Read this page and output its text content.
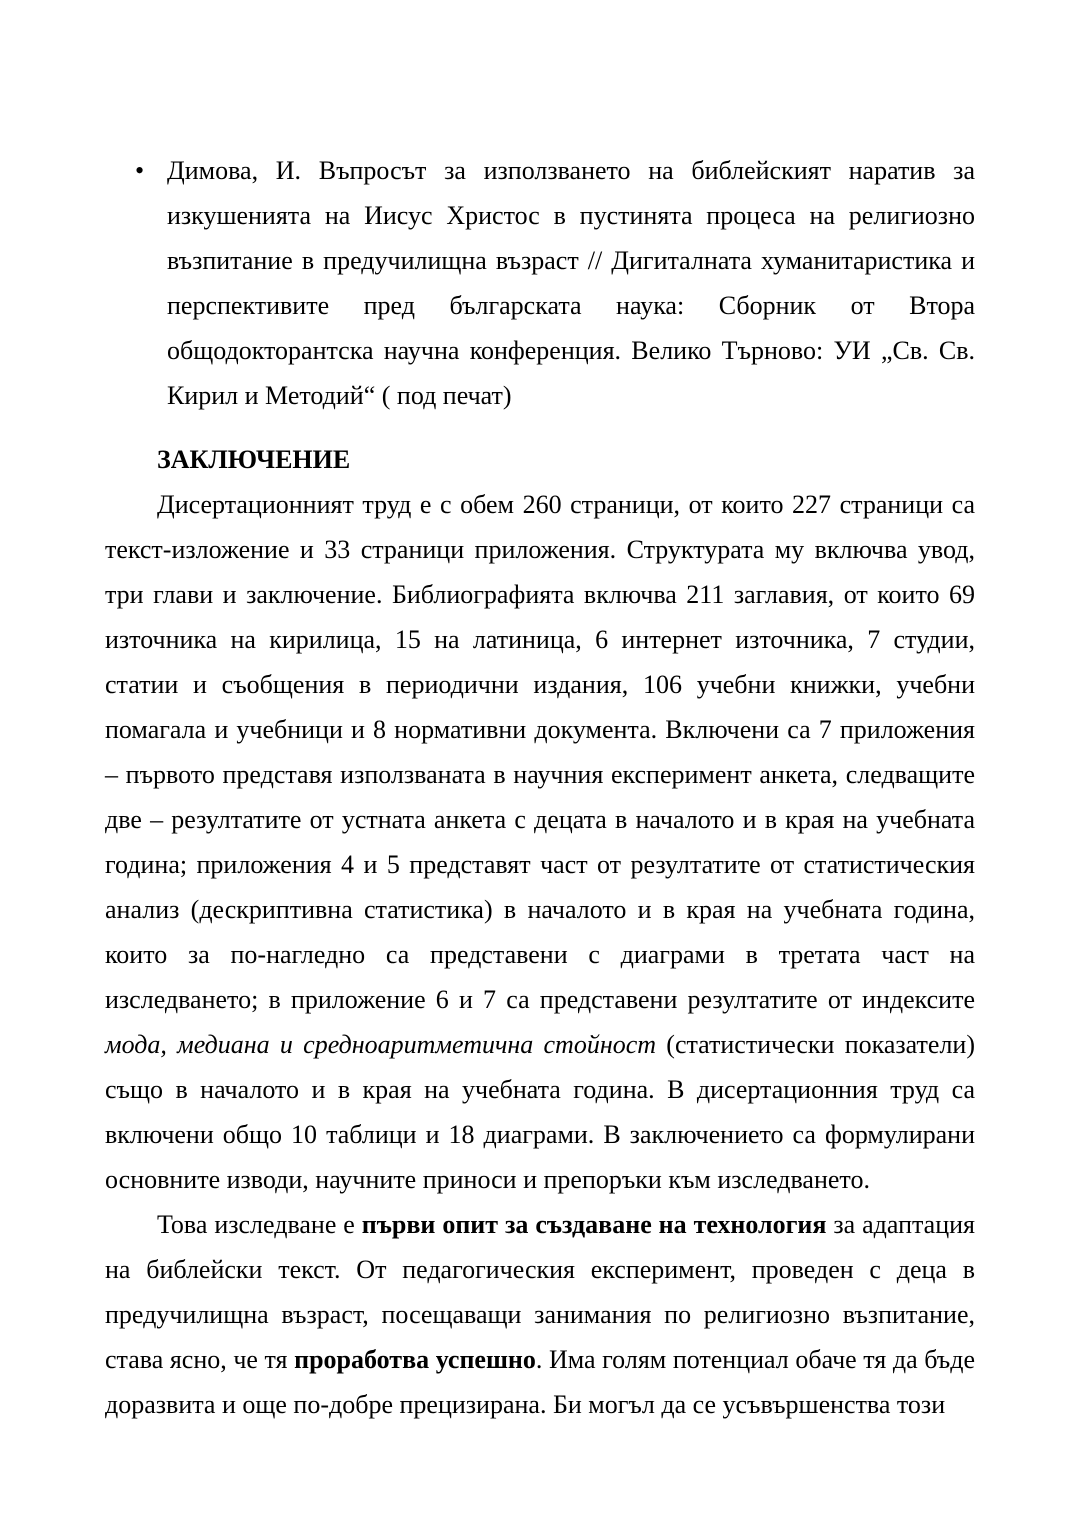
• Димова, И. Въпросът за използването на библейският наратив за изкушенията на Иисус Христос в пустинята процеса на религиозно възпитание в предучилищна възраст // Дигиталната хуманитаристика и перспективите пред българската наука: Сборник от Втора общодокторантска научна конференция. Велико Търново: УИ „Св. Св. Кирил и Методий“ ( под печат)
ЗАКЛЮЧЕНИЕ

Дисертационният труд е с обем 260 страници, от които 227 страници са текст-изложение и 33 страници приложения. Структурата му включва увод, три глави и заключение. Библиографията включва 211 заглавия, от които 69 източника на кирилица, 15 на латиница, 6 интернет източника, 7 студии, статии и съобщения в периодични издания, 106 учебни книжки, учебни помагала и учебници и 8 нормативни документа. Включени са 7 приложения – първото представя използваната в научния експеримент анкета, следващите две – резултатите от устната анкета с децата в началото и в края на учебната година; приложения 4 и 5 представят част от резултатите от статистическия анализ (дескриптивна статистика) в началото и в края на учебната година, които за по-нагледно са представени с диаграми в третата част на изследването; в приложение 6 и 7 са представени резултатите от индексите мода, медиана и средноаритметична стойност (статистически показатели) също в началото и в края на учебната година. В дисертационния труд са включени общо 10 таблици и 18 диаграми. В заключението са формулирани основните изводи, научните приноси и препоръки към изследването.

Това изследване е първи опит за създаване на технология за адаптация на библейски текст. От педагогическия експеримент, проведен с деца в предучилищна възраст, посещаващи занимания по религиозно възпитание, става ясно, че тя проработва успешно. Има голям потенциал обаче тя да бъде доразвита и още по-добре прецизирана. Би могъл да се усъвършенства този
